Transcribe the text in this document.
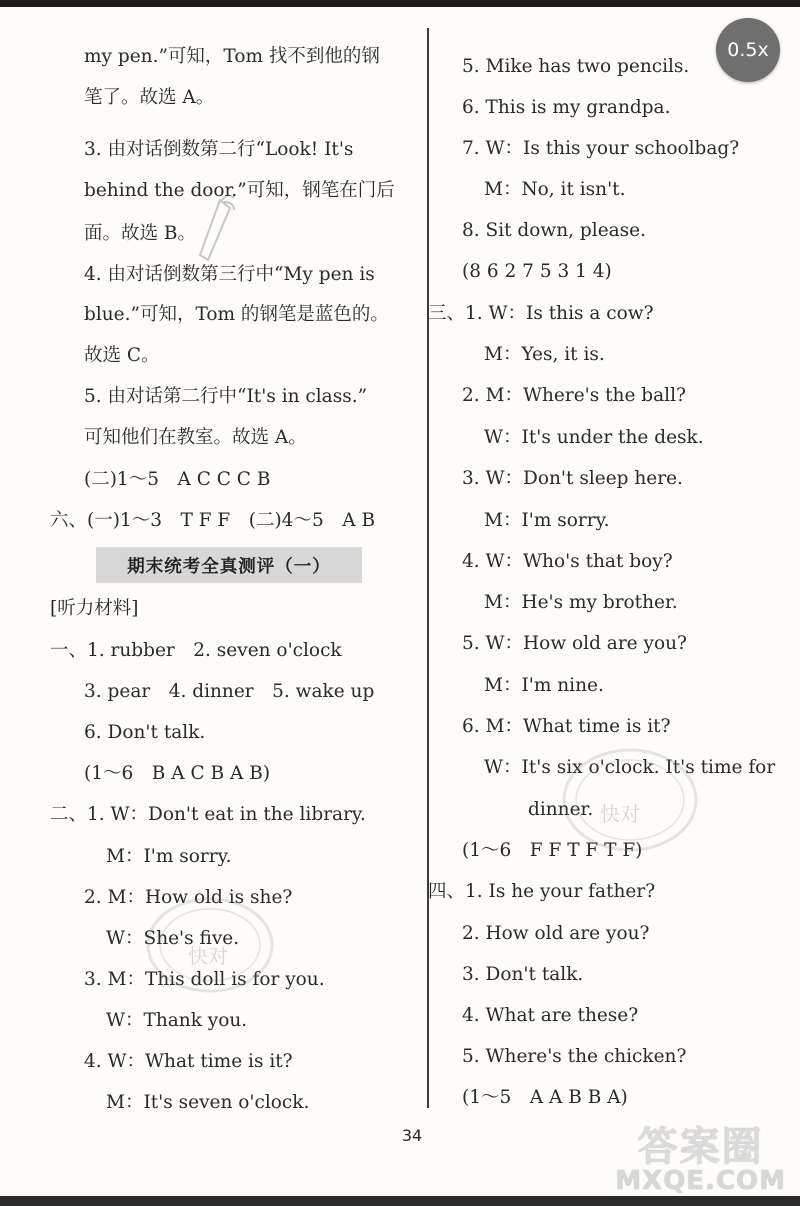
0.5x
my pen.”可知，Tom 找不到他的钢
笔了。故选 A。
3. 由对话倒数第二行“Look! It's
behind the door.”可知，钢笔在门后
面。故选 B。
4. 由对话倒数第三行中“My pen is
blue.”可知，Tom 的钢笔是蓝色的。
故选 C。
5. 由对话第二行中“It's in class.”
可知他们在教室。故选 A。
(二)1～5　A C C C B
六、(一)1～3　T F F　(二)4～5　A B
[听力材料]
一、1. rubber　2. seven o'clock
3. pear　4. dinner　5. wake up
6. Don't talk.
(1～6　B A C B A B)
二、1. W：Don't eat in the library.
M：I'm sorry.
2. M：How old is she?
W：She's five.
3. M：This doll is for you.
W：Thank you.
4. W：What time is it?
M：It's seven o'clock.
期末统考全真测评（一）
5. Mike has two pencils.
6. This is my grandpa.
7. W：Is this your schoolbag?
M：No, it isn't.
8. Sit down, please.
(8 6 2 7 5 3 1 4)
三、1. W：Is this a cow?
M：Yes, it is.
2. M：Where's the ball?
W：It's under the desk.
3. W：Don't sleep here.
M：I'm sorry.
4. W：Who's that boy?
M：He's my brother.
5. W：How old are you?
M：I'm nine.
6. M：What time is it?
W：It's six o'clock. It's time for
dinner.
(1～6　F F T F T F)
四、1. Is he your father?
2. How old are you?
3. Don't talk.
4. What are these?
5. Where's the chicken?
(1～5　A A B B A)
快对
快对
34	答案圈
MXQE.COM
